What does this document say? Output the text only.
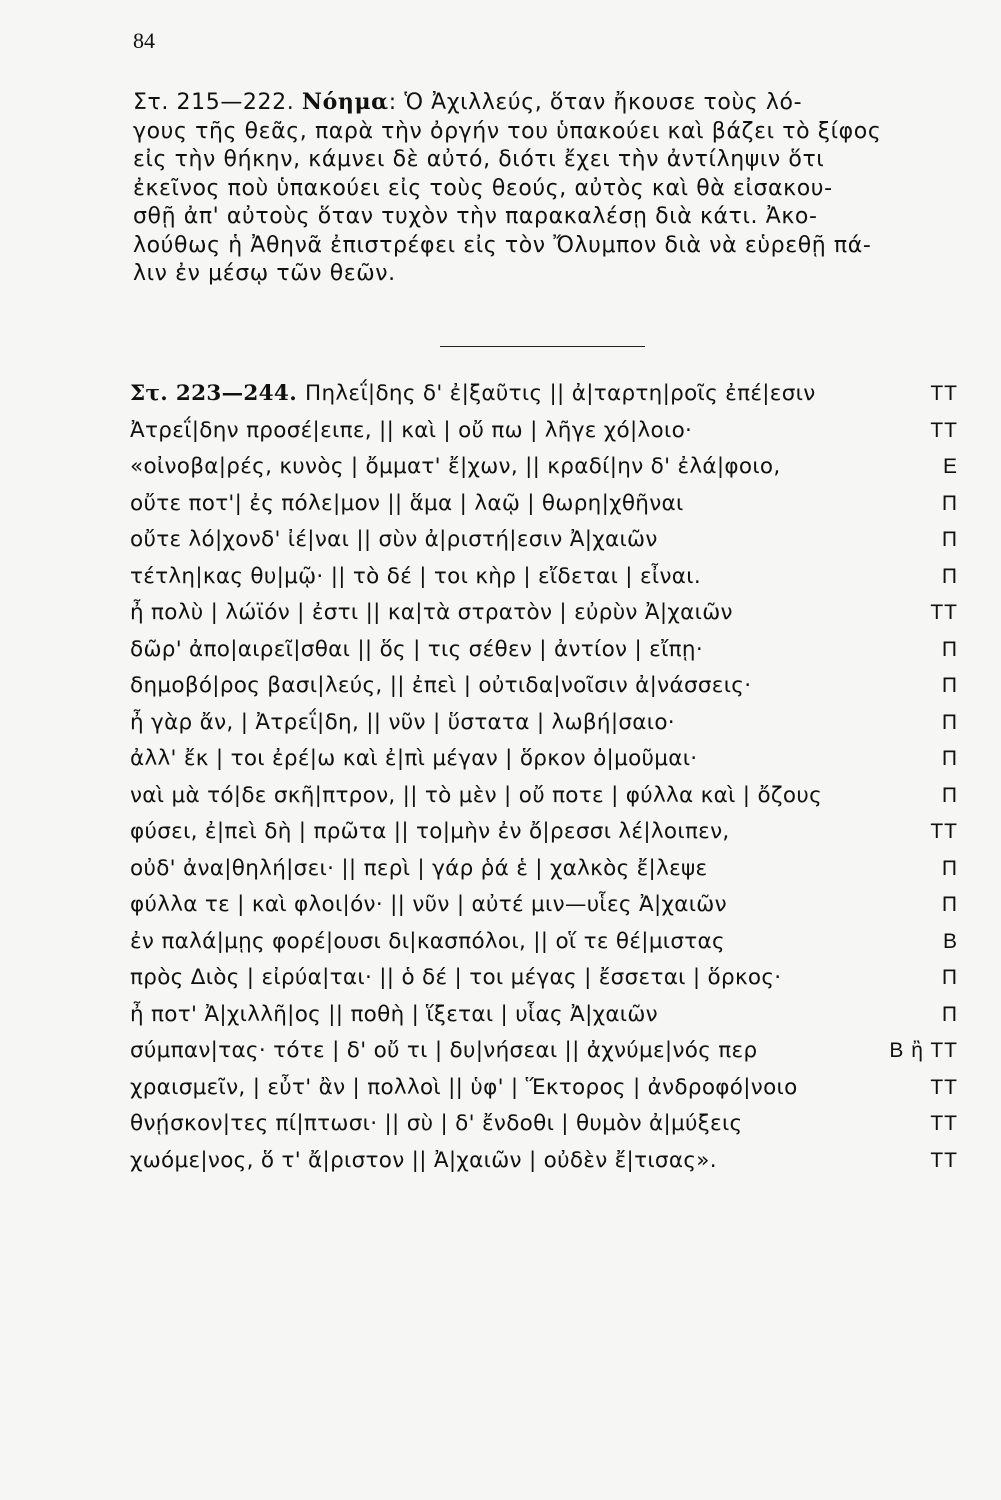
84
Στ. 215—222. Νόημα: Ὁ Ἀχιλλεύς, ὅταν ἤκουσε τοὺς λό-
γους τῆς θεᾶς, παρὰ τὴν ὀργήν του ὑπακούει καὶ βάζει τὸ ξίφος
εἰς τὴν θήκην, κάμνει δὲ αὐτό, διότι ἔχει τὴν ἀντίληψιν ὅτι
ἐκεῖνος ποὺ ὑπακούει εἰς τοὺς θεούς, αὐτὸς καὶ θὰ εἰσακου-
σθῇ ἀπ' αὐτοὺς ὅταν τυχὸν τὴν παρακαλέσῃ διὰ κάτι. Ἀκο-
λούθως ἡ Ἀθηνᾶ ἐπιστρέφει εἰς τὸν Ὄλυμπον διὰ νὰ εὑρεθῇ πά-
λιν ἐν μέσῳ τῶν θεῶν.
Στ. 223—244. Πηλεΐ|δης δ' ἐ|ξαῦτις || ἀ|ταρτη|ροῖς ἐπέ|εσιν	ΤΤ
Ἀτρεΐ|δην προσέ|ειπε, || καὶ | οὔ πω | λῆγε χό|λοιο·	ΤΤ
«οἰνοβα|ρές, κυνὸς | ὄμματ' ἔ|χων, || κραδί|ην δ' ἐλά|φοιο,	Ε
οὔτε ποτ'| ἐς πόλε|μον || ἅμα | λαῷ | θωρη|χθῆναι	Π
οὔτε λό|χονδ' ἰέ|ναι || σὺν ἀ|ριστή|εσιν Ἀ|χαιῶν	Π
τέτλη|κας θυ|μῷ· || τὸ δέ | τοι κὴρ | εἴδεται | εἶναι.	Π
ἦ πολὺ | λώϊόν | ἐστι || κα|τὰ στρατὸν | εὐρὺν Ἀ|χαιῶν	ΤΤ
δῶρ' ἀπο|αιρεῖ|σθαι || ὅς | τις σέθεν | ἀντίον | εἴπῃ·	Π
δημοβό|ρος βασι|λεύς, || ἐπεὶ | οὐτιδα|νοῖσιν ἀ|νάσσεις·	Π
ἦ γὰρ ἄν, | Ἀτρεΐ|δη, || νῦν | ὕστατα | λωβή|σαιο·	Π
ἀλλ' ἔκ | τοι ἐρέ|ω καὶ ἐ|πὶ μέγαν | ὅρκον ὀ|μοῦμαι·	Π
ναὶ μὰ τό|δε σκῆ|πτρον, || τὸ μὲν | οὔ ποτε | φύλλα καὶ | ὄζους	Π
φύσει, ἐ|πεὶ δὴ | πρῶτα || το|μὴν ἐν ὄ|ρεσσι λέ|λοιπεν,	ΤΤ
οὐδ' ἀνα|θηλή|σει· || περὶ | γάρ ῥά ἑ | χαλκὸς ἔ|λεψε	Π
φύλλα τε | καὶ φλοι|όν· || νῦν | αὐτέ μιν—υἷες Ἀ|χαιῶν	Π
ἐν παλά|μῃς φορέ|ουσι δι|κασπόλοι, || οἵ τε θέ|μιστας	Β
πρὸς Διὸς | εἰρύα|ται· || ὁ δέ | τοι μέγας | ἔσσεται | ὅρκος·	Π
ἦ ποτ' Ἀ|χιλλῆ|ος || ποθὴ | ἵξεται | υἷας Ἀ|χαιῶν	Π
σύμπαν|τας· τότε | δ' οὔ τι | δυ|νήσεαι || ἀχνύμε|νός περ	Β ἢ ΤΤ
χραισμεῖν, | εὖτ' ἂν | πολλοὶ || ὑφ' | Ἕκτορος | ἀνδροφό|νοιο	ΤΤ
θνῄσκον|τες πί|πτωσι· || σὺ | δ' ἔνδοθι | θυμὸν ἀ|μύξεις	ΤΤ
χωόμε|νος, ὅ τ' ἄ|ριστον || Ἀ|χαιῶν | οὐδὲν ἔ|τισας».	ΤΤ
